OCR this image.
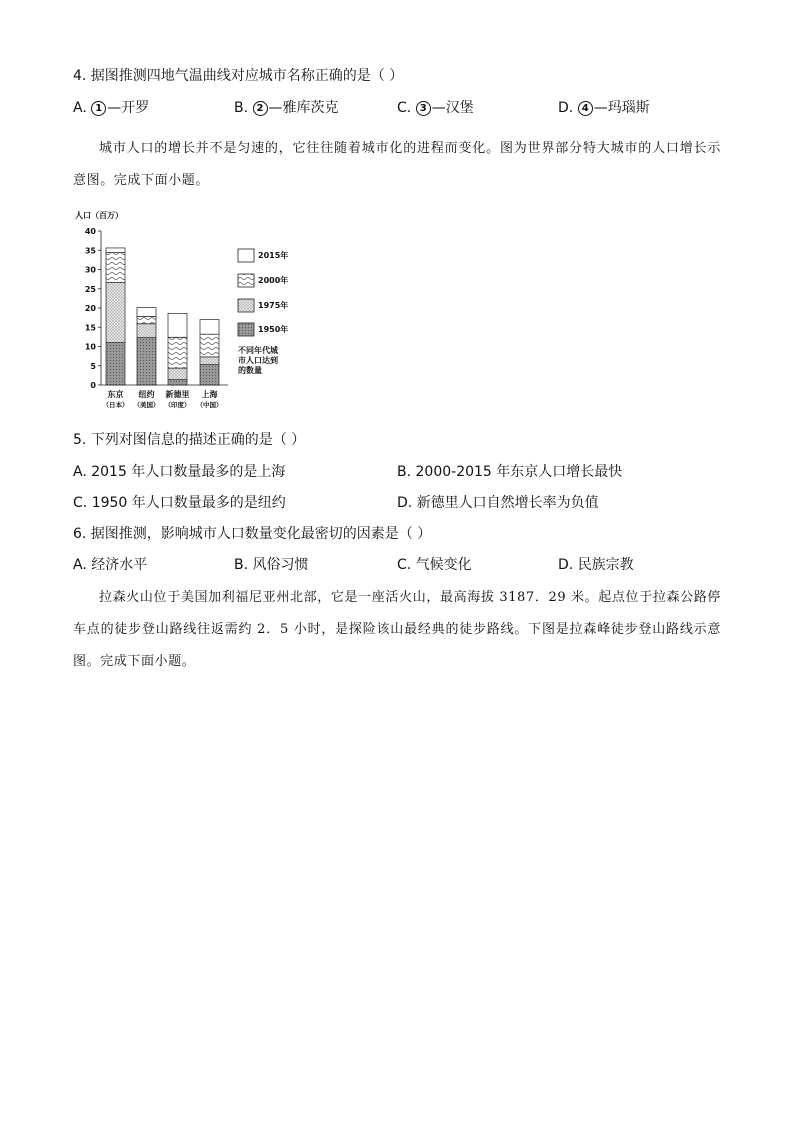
4. 据图推测四地气温曲线对应城市名称正确的是（ ）
A. 1 —开罗	B. 2 —雅库茨克	C. 3 —汉堡	D. 4 —玛瑙斯
城市人口的增长并不是匀速的，它往往随着城市化的进程而变化。图为世界部分特大城市的人口增长示意图。完成下面小题。
人口（百万）
0
5
10
15
20
25
30
35
40
东京
（日本）
纽约
（美国）
新德里
（印度）
上海
（中国）
2015年
2000年
1975年
1950年
不同年代城
市人口达到
的数量
5. 下列对图信息的描述正确的是（ ）
A. 2015 年人口数量最多的是上海	B. 2000-2015 年东京人口增长最快
C. 1950 年人口数量最多的是纽约	D. 新德里人口自然增长率为负值
6. 据图推测，影响城市人口数量变化最密切的因素是（ ）
A. 经济水平	B. 风俗习惯	C. 气候变化	D. 民族宗教
拉森火山位于美国加利福尼亚州北部，它是一座活火山，最高海拔 3187．29 米。起点位于拉森公路停车点的徒步登山路线往返需约 2．5 小时，是探险该山最经典的徒步路线。下图是拉森峰徒步登山路线示意图。完成下面小题。
